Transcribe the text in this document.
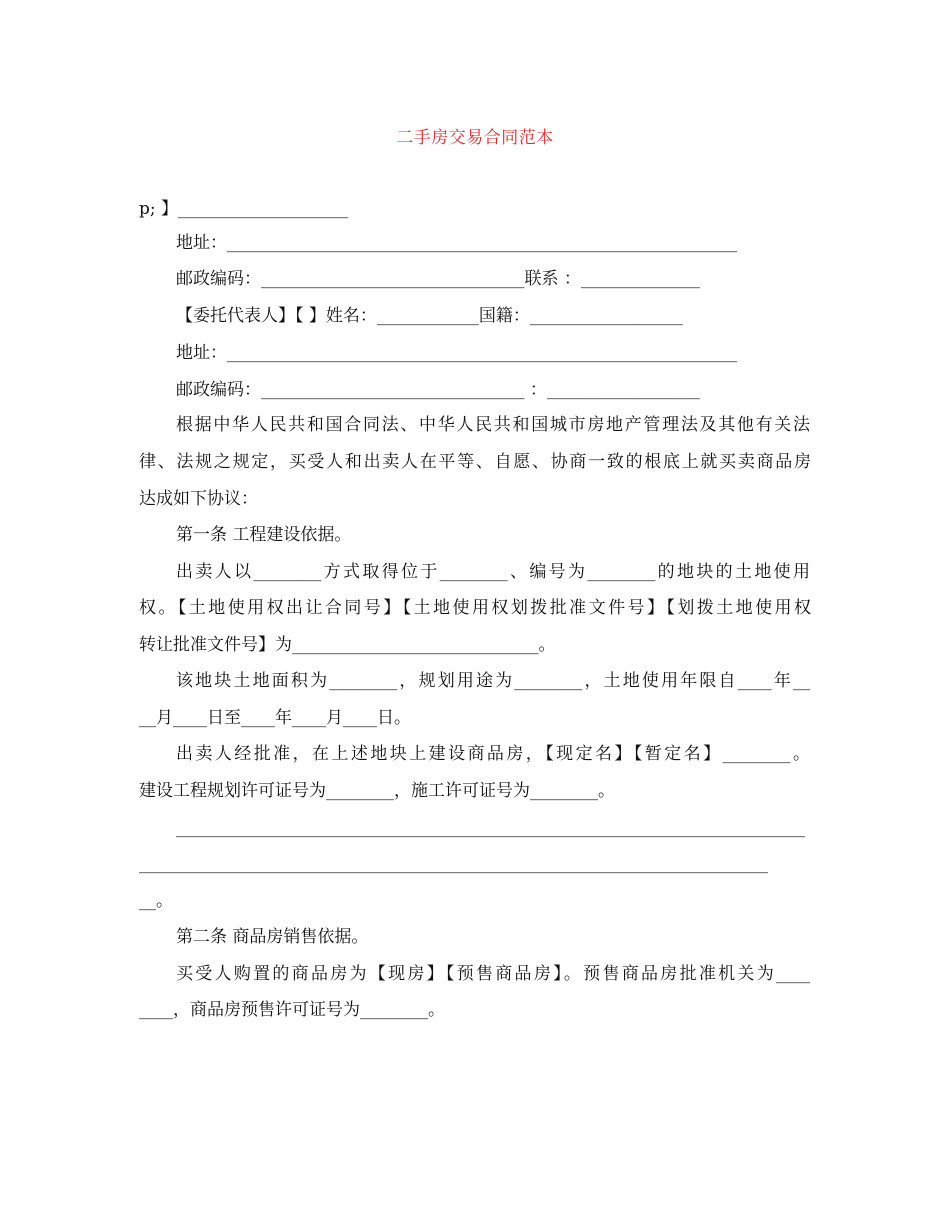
二手房交易合同范本
p; 】____________________
地址：____________________________________________________________
邮政编码：_______________________________联系 ：______________
【委托代表人】【 】姓名：____________国籍：__________________
地址：____________________________________________________________
邮政编码：_______________________________ ：__________________
根据中华人民共和国合同法、中华人民共和国城市房地产管理法及其他有关法
律、法规之规定，买受人和出卖人在平等、自愿、协商一致的根底上就买卖商品房
达成如下协议：
第一条 工程建设依据。
出卖人以________方式取得位于________、编号为________的地块的土地使用
权。【土地使用权出让合同号】【土地使用权划拨批准文件号】【划拨土地使用权
转让批准文件号】为_____________________________。
该地块土地面积为________，规划用途为________，土地使用年限自____年__
__月____日至____年____月____日。
出卖人经批准，在上述地块上建设商品房，【现定名】【暂定名】________。
建设工程规划许可证号为________，施工许可证号为________。
__________________________________________________________________________
__________________________________________________________________________
__。
第二条 商品房销售依据。
买受人购置的商品房为【现房】【预售商品房】。预售商品房批准机关为____
____，商品房预售许可证号为________。
